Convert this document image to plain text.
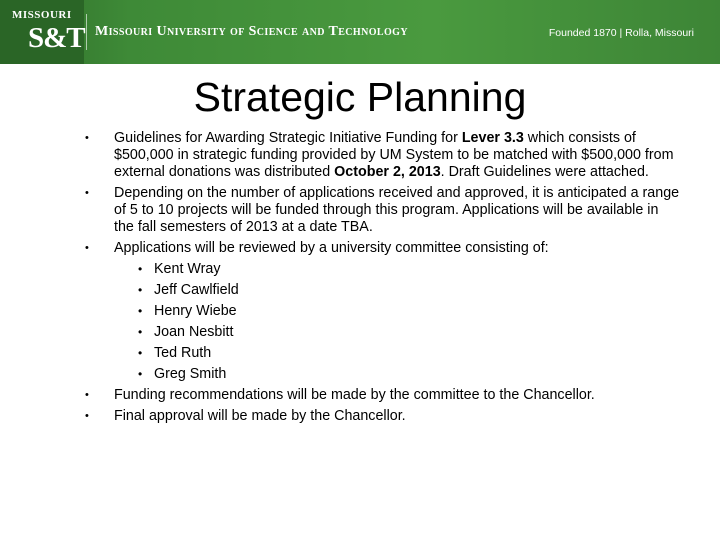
MISSOURI
S&T Missouri University of Science and Technology	Founded 1870 | Rolla, Missouri
Strategic Planning
• Guidelines for Awarding Strategic Initiative Funding for Lever 3.3 which consists of $500,000 in strategic funding provided by UM System to be matched with $500,000 from external donations was distributed October 2, 2013. Draft Guidelines were attached.
• Depending on the number of applications received and approved, it is anticipated a range of 5 to 10 projects will be funded through this program. Applications will be available in the fall semesters of 2013 at a date TBA.
• Applications will be reviewed by a university committee consisting of:
• Kent Wray
• Jeff Cawlfield
• Henry Wiebe
• Joan Nesbitt
• Ted Ruth
• Greg Smith
• Funding recommendations will be made by the committee to the Chancellor.
• Final approval will be made by the Chancellor.
